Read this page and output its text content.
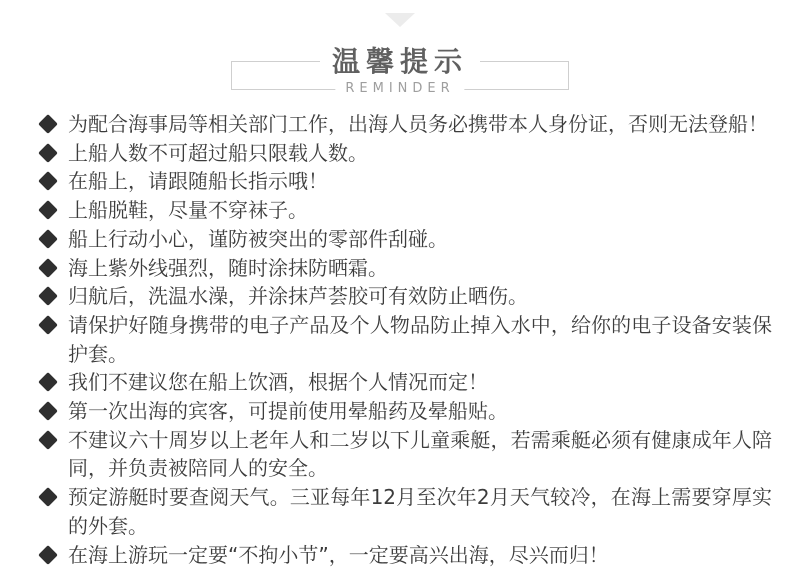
温馨提示
REMINDER
为配合海事局等相关部门工作，出海人员务必携带本人身份证，否则无法登船！
上船人数不可超过船只限载人数。
在船上，请跟随船长指示哦！
上船脱鞋，尽量不穿袜子。
船上行动小心，谨防被突出的零部件刮碰。
海上紫外线强烈，随时涂抹防晒霜。
归航后，洗温水澡，并涂抹芦荟胶可有效防止晒伤。
请保护好随身携带的电子产品及个人物品防止掉入水中，给你的电子设备安装保护套。
我们不建议您在船上饮酒，根据个人情况而定！
第一次出海的宾客，可提前使用晕船药及晕船贴。
不建议六十周岁以上老年人和二岁以下儿童乘艇，若需乘艇必须有健康成年人陪同，并负责被陪同人的安全。
预定游艇时要查阅天气。三亚每年12月至次年2月天气较冷，在海上需要穿厚实的外套。
在海上游玩一定要“不拘小节”，一定要高兴出海，尽兴而归！
